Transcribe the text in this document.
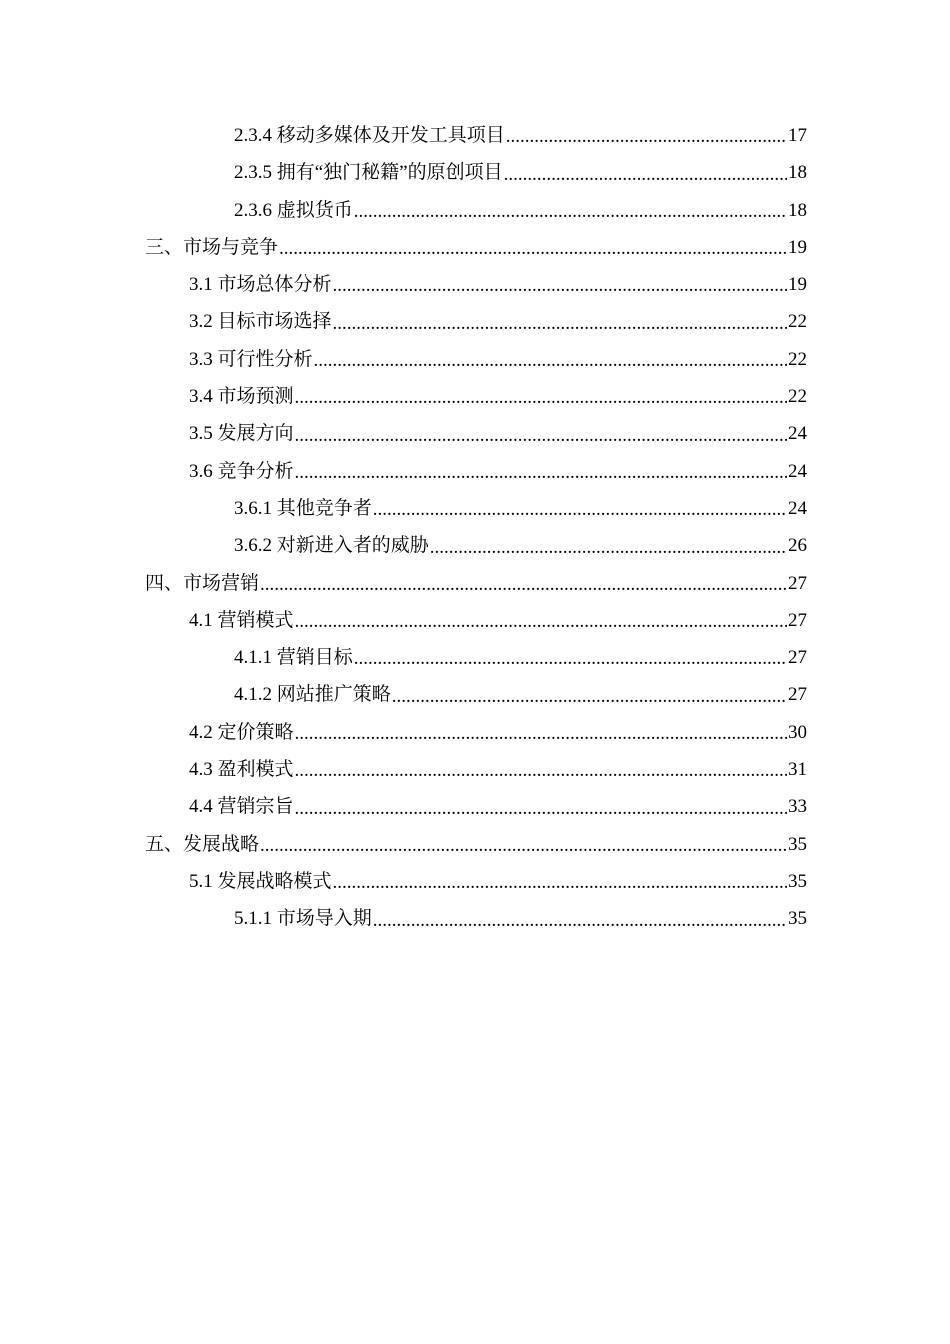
2.3.4 移动多媒体及开发工具项目 .....	17
2.3.5 拥有“独门秘籍”的原创项目 .....	18
2.3.6 虚拟货币 .....	18
三、市场与竞争 .....	19
3.1 市场总体分析 .....	19
3.2 目标市场选择 .....	22
3.3 可行性分析 .....	22
3.4 市场预测 .....	22
3.5 发展方向 .....	24
3.6 竞争分析 .....	24
3.6.1 其他竞争者 .....	24
3.6.2 对新进入者的威胁 .....	26
四、市场营销 .....	27
4.1 营销模式 .....	27
4.1.1 营销目标 .....	27
4.1.2 网站推广策略 .....	27
4.2 定价策略 .....	30
4.3 盈利模式 .....	31
4.4 营销宗旨 .....	33
五、发展战略 .....	35
5.1 发展战略模式 .....	35
5.1.1 市场导入期 .....	35
